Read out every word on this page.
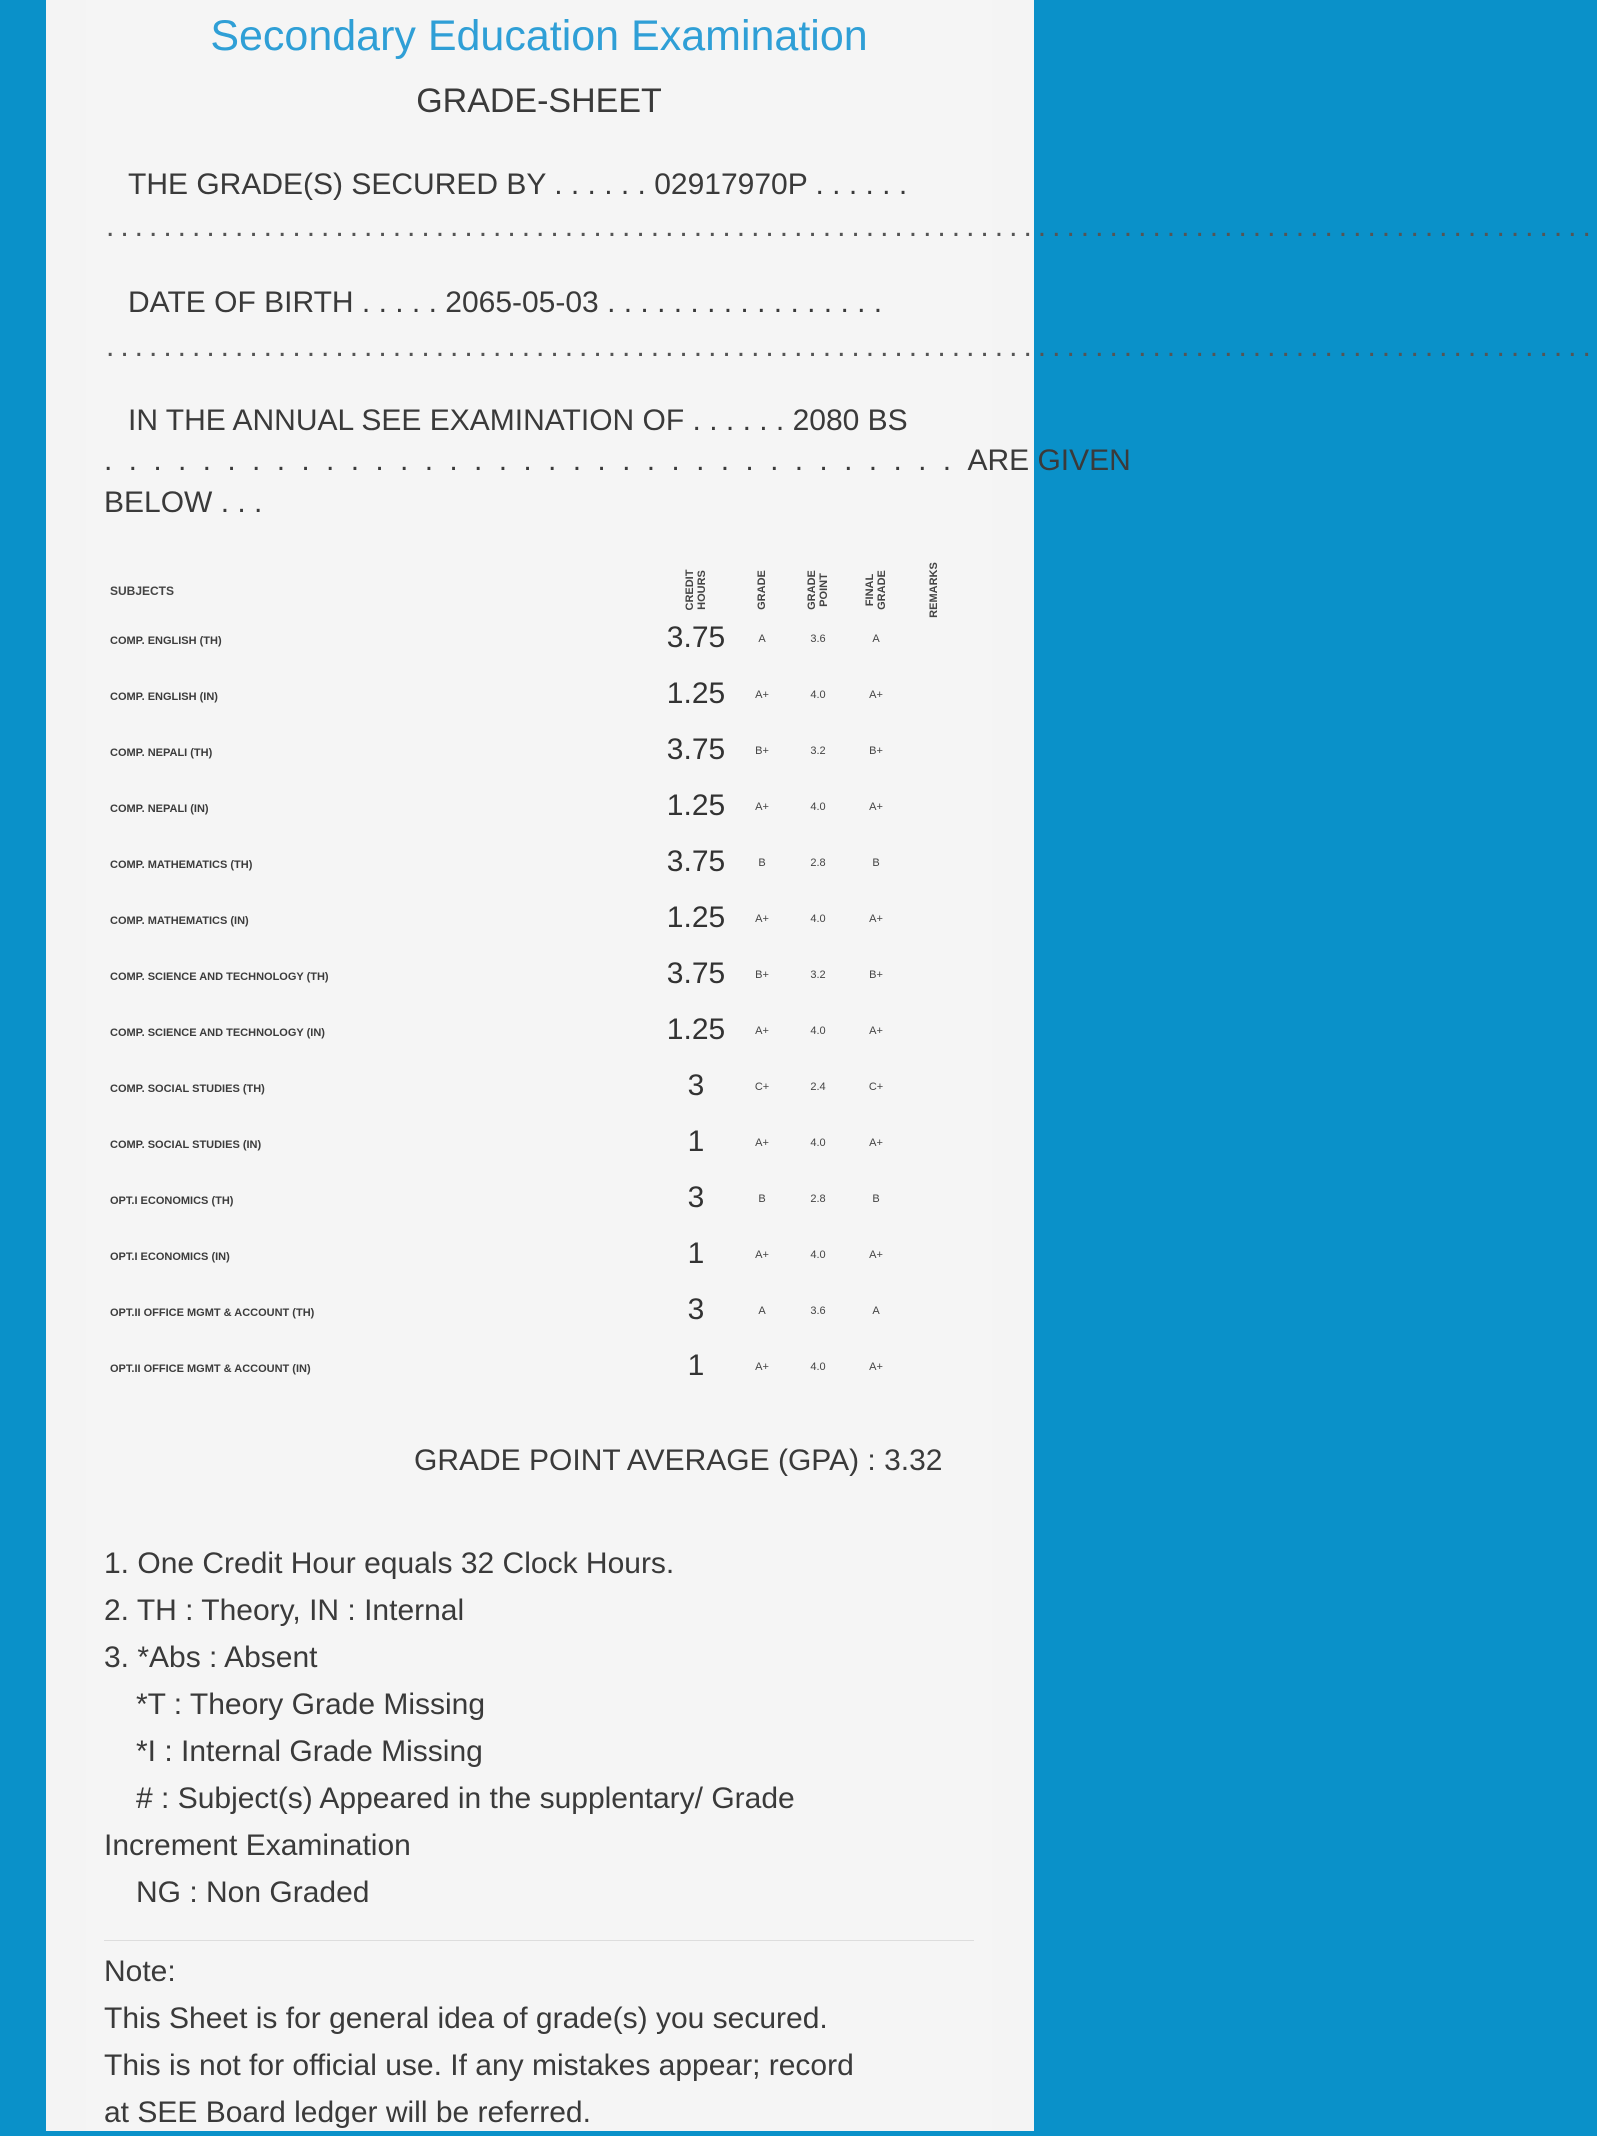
Secondary Education Examination
GRADE-SHEET
THE GRADE(S) SECURED BY . . . . . . 02917970P . . . . . .
........................................................................................................
DATE OF BIRTH . . . . . 2065-05-03 . . . . . . . . . . . . . . . . .
........................................................................................................
IN THE ANNUAL SEE EXAMINATION OF . . . . . . 2080 BS
. . . . . . . . . . . . . . . . . . . . . . . . . . . . . . . . . . . ARE GIVEN
BELOW . . .
SUBJECTS	CREDIT HOURS	GRADE	GRADE POINT	FINAL GRADE	REMARKS
COMP. ENGLISH (TH)	3.75	A	3.6	A
COMP. ENGLISH (IN)	1.25	A+	4.0	A+
COMP. NEPALI (TH)	3.75	B+	3.2	B+
COMP. NEPALI (IN)	1.25	A+	4.0	A+
COMP. MATHEMATICS (TH)	3.75	B	2.8	B
COMP. MATHEMATICS (IN)	1.25	A+	4.0	A+
COMP. SCIENCE AND TECHNOLOGY (TH)	3.75	B+	3.2	B+
COMP. SCIENCE AND TECHNOLOGY (IN)	1.25	A+	4.0	A+
COMP. SOCIAL STUDIES (TH)	3	C+	2.4	C+
COMP. SOCIAL STUDIES (IN)	1	A+	4.0	A+
OPT.I ECONOMICS (TH)	3	B	2.8	B
OPT.I ECONOMICS (IN)	1	A+	4.0	A+
OPT.II OFFICE MGMT & ACCOUNT (TH)	3	A	3.6	A
OPT.II OFFICE MGMT & ACCOUNT (IN)	1	A+	4.0	A+
GRADE POINT AVERAGE (GPA) : 3.32
1. One Credit Hour equals 32 Clock Hours.
2. TH : Theory, IN : Internal
3. *Abs : Absent
*T : Theory Grade Missing
*I : Internal Grade Missing
# : Subject(s) Appeared in the supplentary/ Grade
Increment Examination
NG : Non Graded
Note:
This Sheet is for general idea of grade(s) you secured.
This is not for official use. If any mistakes appear; record
at SEE Board ledger will be referred.
